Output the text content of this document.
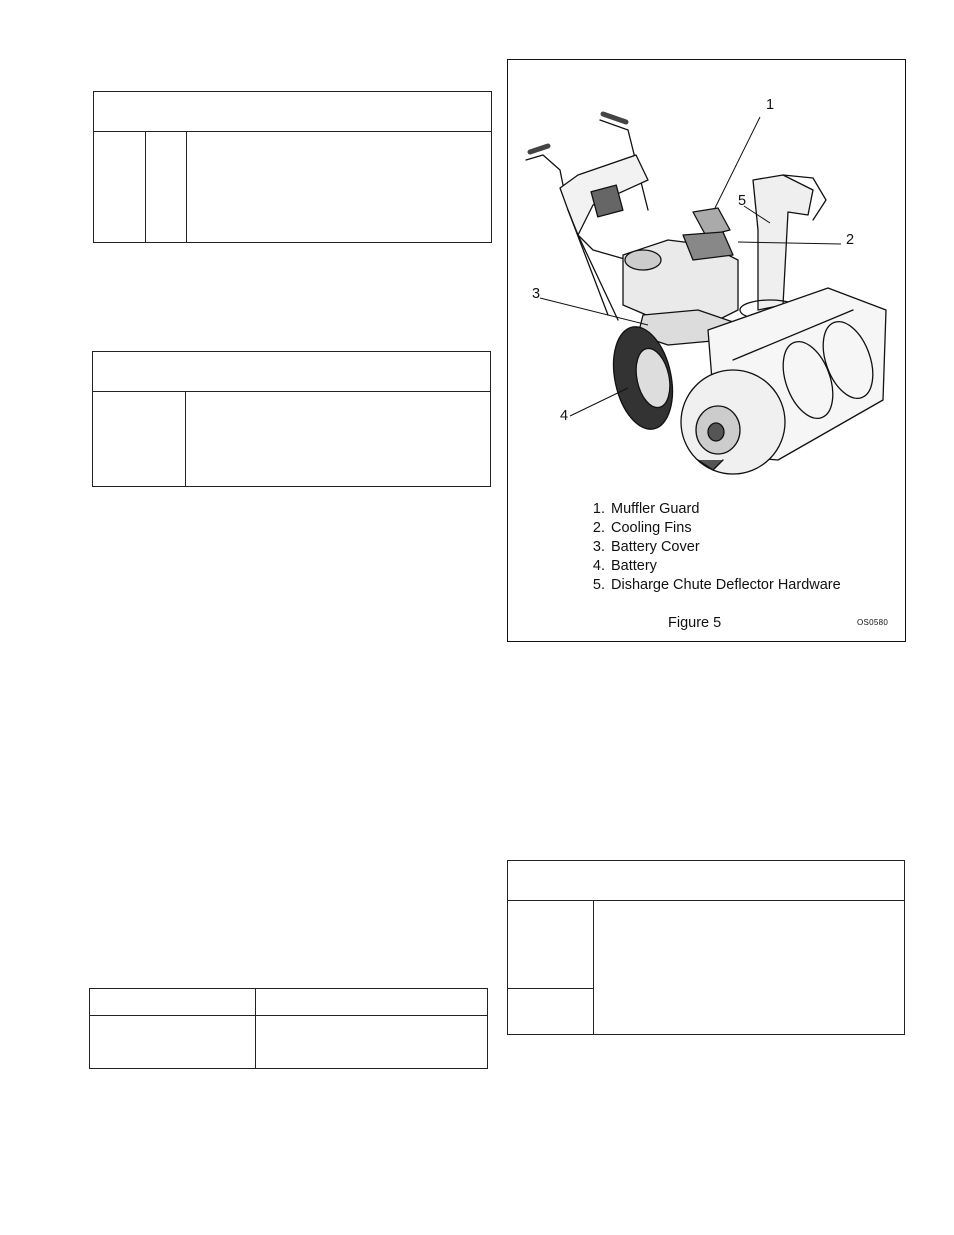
1
2
3
4
5
1. Muffler Guard
2. Cooling Fins
3. Battery Cover
4. Battery
5. Disharge Chute Deflector Hardware
Figure 5	OS0580
